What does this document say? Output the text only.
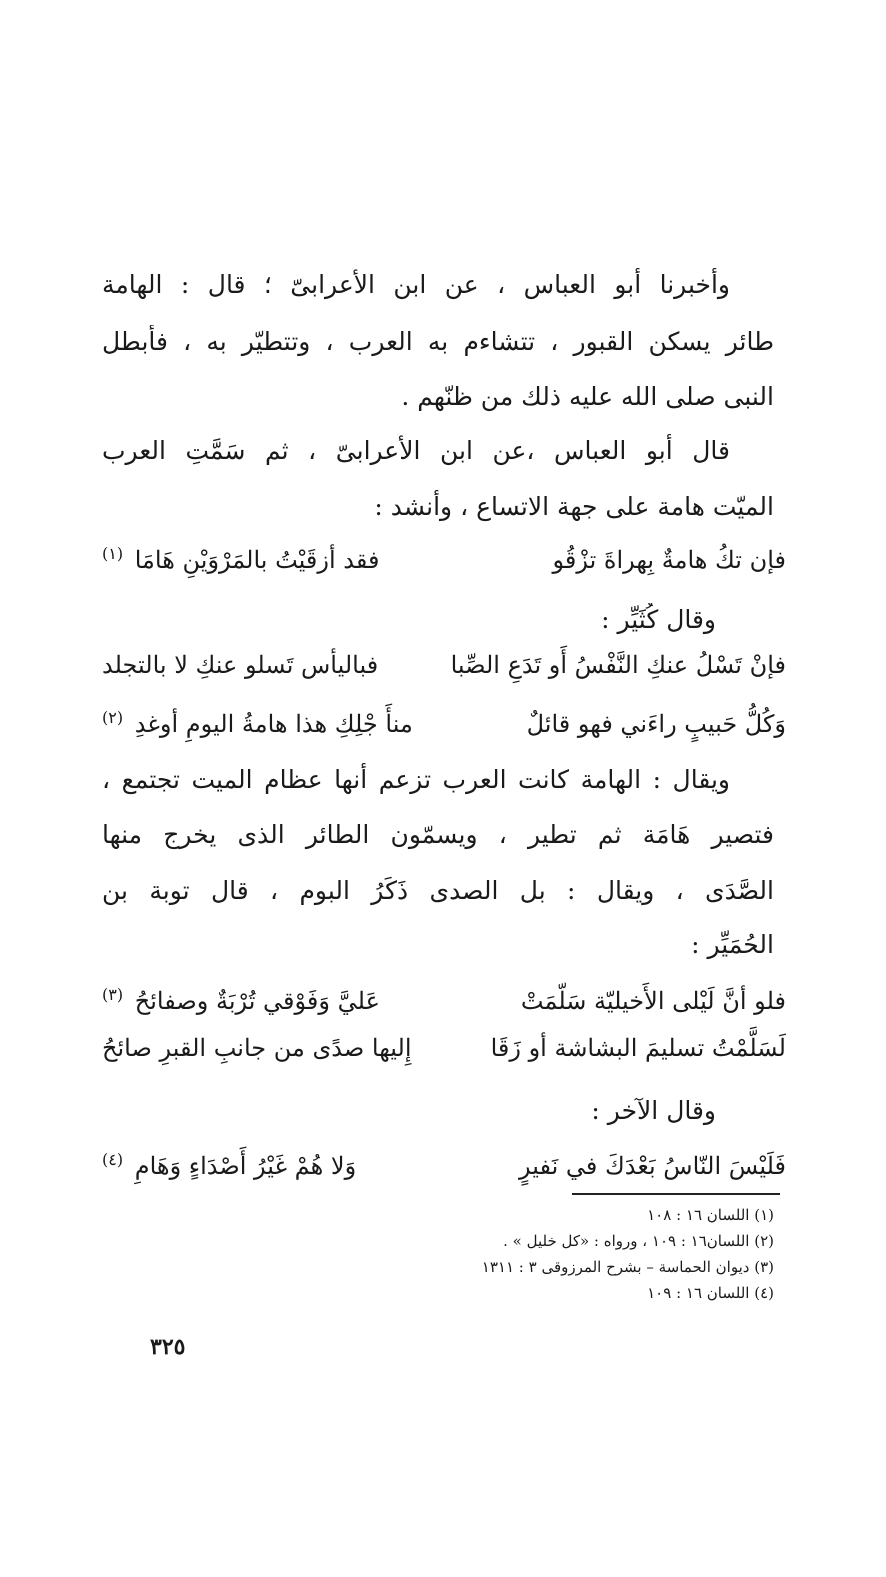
وأَخبرنا أَبو العباس ، عن ابن الأَعرابىّ ؛ قال : الهامة
طائر يسكن القبور ، تتشاءم به العرب ، وتتطيّر به ، فأبطل
النبى صلى الله عليه ذلك من ظنّهم .
قال أَبو العباس ،عن ابن الأَعرابىّ ، ثم سَمَّتِ العرب
الميّت هامة على جهة الاتساع ، وأَنشد :
فإن تكُ هامةٌ بِهراةَ تزْقُو
فقد أزقَيْتُ بالمَرْوَيْنِ هَامَا $^{(١)}$
وقال كُثَيِّر :
فإنْ تَسْلُ عنكِ النَّفْسُ أَو تَدَعِ الصِّبا
فباليأس تَسلو عنكِ لا بالتجلد
وَكُلُّ حَبيبٍ راءَني فهو قائلٌ
منأَ جْلِكِ هذا هامةُ اليومِ أوغدِ $^{(٢)}$
ويقال : الهامة كانت العرب تزعم أَنها عظام الميت تجتمع ،
فتصير هَامَة ثم تطير ، ويسمّون الطائر الذى يخرج منها
الصَّدَى ، ويقال : بل الصدى ذَكَرُ البوم ، قال توبة بن
الحُمَيِّر :
فلو أنَّ لَيْلى الأَخيليّة سَلّمَتْ
عَليَّ وَفَوْقي تُرْبَةٌ وصفائحُ $^{(٣)}$
لَسَلَّمْتُ تسليمَ البشاشة أو زَقَا
إِليها صدًى من جانبِ القبرِ صائحُ
وقال الآخر :
فَلَيْسَ النّاسُ بَعْدَكَ في نَفيرٍ
وَلا هُمْ غَيْرُ أَصْدَاءٍ وَهَامِ $^{(٤)}$
(١) اللسان ١٦ : ١٠٨
(٢) اللسان١٦ : ١٠٩ ، ورواه : «كل خليل » .
(٣) ديوان الحماسة – بشرح المرزوقى ٣ : ١٣١١
(٤) اللسان ١٦ : ١٠٩
٣٢٥
